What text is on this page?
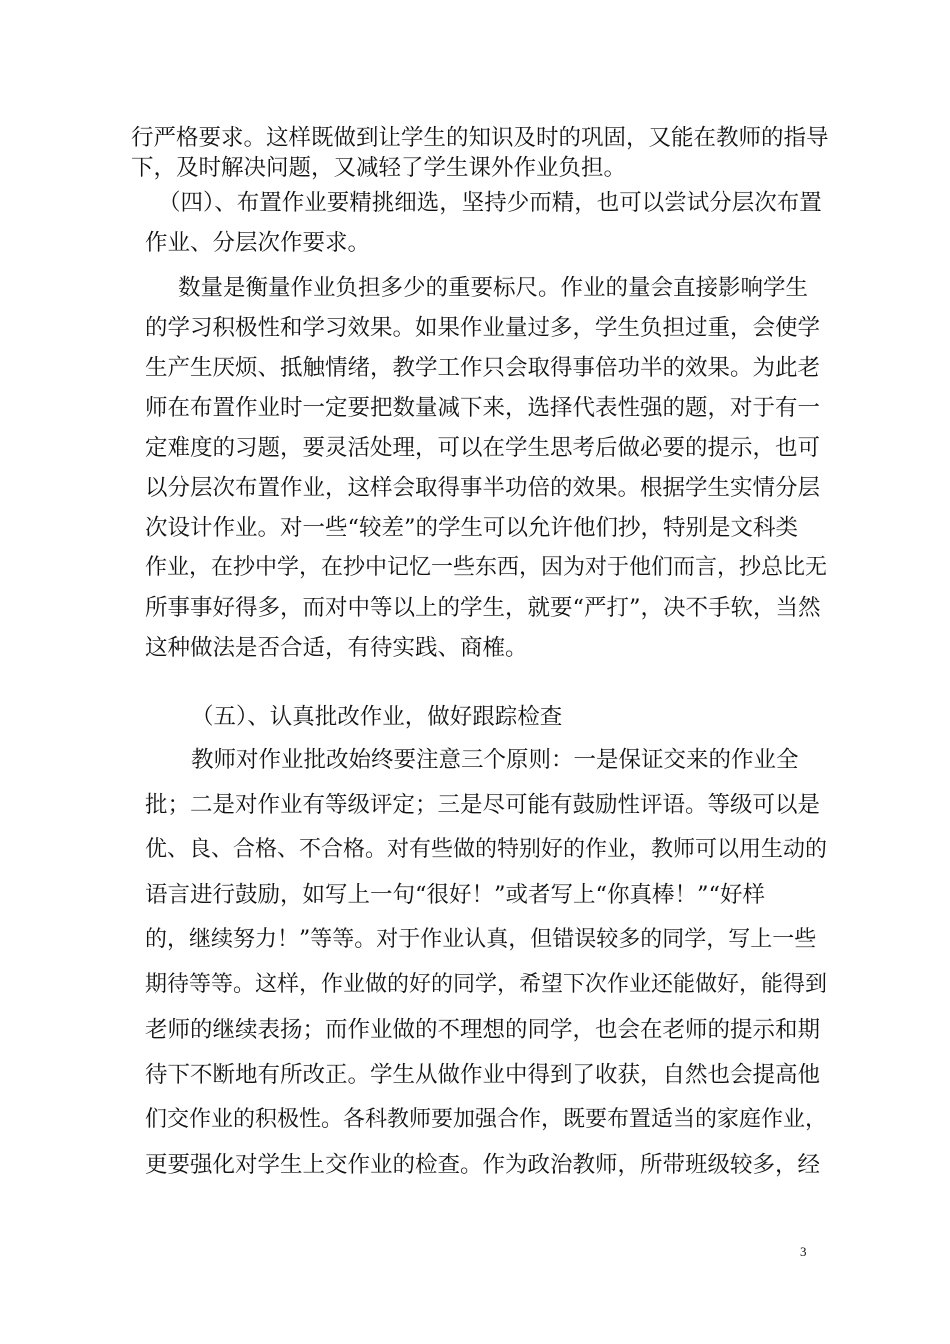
行严格要求。这样既做到让学生的知识及时的巩固，又能在教师的指导
下，及时解决问题，又减轻了学生课外作业负担。
（四）、布置作业要精挑细选，坚持少而精，也可以尝试分层次布置
作业、分层次作要求。
数量是衡量作业负担多少的重要标尺。作业的量会直接影响学生
的学习积极性和学习效果。如果作业量过多，学生负担过重，会使学
生产生厌烦、抵触情绪，教学工作只会取得事倍功半的效果。为此老
师在布置作业时一定要把数量减下来，选择代表性强的题，对于有一
定难度的习题，要灵活处理，可以在学生思考后做必要的提示，也可
以分层次布置作业，这样会取得事半功倍的效果。根据学生实情分层
次设计作业。对一些“较差”的学生可以允许他们抄，特别是文科类
作业，在抄中学，在抄中记忆一些东西，因为对于他们而言，抄总比无
所事事好得多，而对中等以上的学生，就要“严打”，决不手软，当然
这种做法是否合适，有待实践、商榷。
（五）、认真批改作业，做好跟踪检查
教师对作业批改始终要注意三个原则：一是保证交来的作业全
批；二是对作业有等级评定；三是尽可能有鼓励性评语。等级可以是
优、良、合格、不合格。对有些做的特别好的作业，教师可以用生动的
语言进行鼓励，如写上一句“很好！”或者写上“你真棒！”“好样
的，继续努力！”等等。对于作业认真，但错误较多的同学，写上一些
期待等等。这样，作业做的好的同学，希望下次作业还能做好，能得到
老师的继续表扬；而作业做的不理想的同学，也会在老师的提示和期
待下不断地有所改正。学生从做作业中得到了收获，自然也会提高他
们交作业的积极性。各科教师要加强合作，既要布置适当的家庭作业，
更要强化对学生上交作业的检查。作为政治教师，所带班级较多，经
3
